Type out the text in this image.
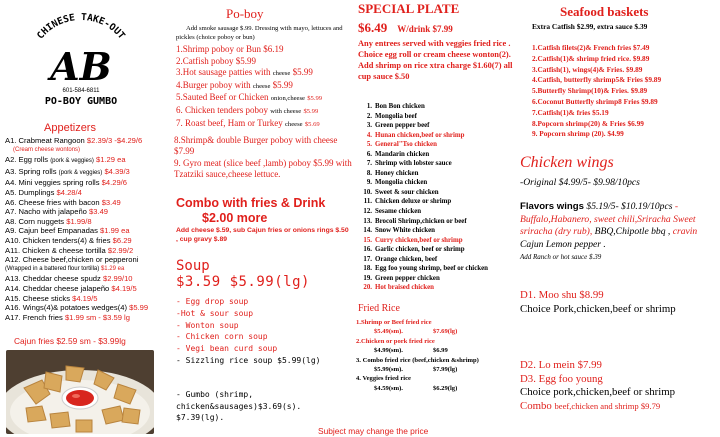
CHINESE TAKE-OUT
AB
601-584-6811
PO-BOY GUMBO
Appetizers
A1. Crabmeat Rangoon $2.39/3 -$4.29/6
(Cream cheese wontons)
A2. Egg rolls (pork & veggies) $1.29 ea
A3. Spring rolls (pork & veggies) $4.39/3
A4. Mini veggies spring rolls $4.29/6
A5. Dumplings $4.28/4
A6. Cheese fries with bacon $3.49
A7. Nacho with jalapeño $3.49
A8. Corn nuggets $1.99/8
A9. Cajun beef Empanadas $1.99 ea
A10. Chicken tenders(4) & fries $6.29
A11. Chicken & cheese tortilla $2.99/2
A12. Cheese beef,chicken or pepperoni
(Wrapped in a battered flour tortilla) $1.29 ea
A13. Cheddar cheese spudz $2.99/10
A14. Cheddar cheese jalapeño $4.19/5
A15. Cheese sticks $4.19/5
A16. Wings(4)& potatoes wedges(4) $5.99
A17. French fries $1.99 sm - $3.59 lg
Cajun fries $2.59 sm - $3.99lg
Po-boy
Add smoke sausage $.99. Dressing with mayo, lettuces and pickles (choice poboy or bun)
1.Shrimp poboy or Bun $6.19
2.Catfish poboy $5.99
3.Hot sausage patties with cheese $5.99
4.Burger poboy with cheese $5.99
5.Sauted Beef or Chicken onion,cheese $5.99
6. Chicken tenders poboy with cheese $5.99
7. Roast beef, Ham or Turkey cheese $5.69
8.Shrimp& double Burger poboy with cheese $7.99
9. Gyro meat (slice beef ,lamb) poboy $5.99 with Tzatziki sauce,cheese lettuce.
Combo with fries & Drink
$2.00 more
Add cheese $.59, sub Cajun fries or onions rings $.50 , cup gravy $.89
Soup
$3.59 $5.99(lg)
- Egg drop soup
-Hot & sour soup
- Wonton soup
- Chicken corn soup
- Vegi bean curd soup
- Sizzling rice soup $5.99(lg)
- Gumbo (shrimp, chicken&sausages)$3.69(s). $7.39(lg).
SPECIAL PLATE
$6.49 W/drink $7.99
Any entrees served with veggies fried rice . Choice egg roll or cream cheese wonton(2). Add shrimp on rice xtra charge $1.60(7) all cup sauce $.50
1. Bon Bon chicken
2. Mongolia beef
3. Green pepper beef
4. Hunan chicken,beef or shrimp
5. General"Tso chicken
6. Mandarin chicken
7. Shrimp with lobster sauce
8. Honey chicken
9. Mongolia chicken
10. Sweet & sour chicken
11. Chicken deluxe or shrimp
12. Sesame chicken
13. Brocoli Shrimp,chicken or beef
14. Snow White chicken
15. Curry chicken,beef or shrimp
16. Garlic chicken, beef or shrimp
17. Orange chicken, beef
18. Egg foo young shrimp, beef or chicken
19. Green pepper chicken
20. Hot braised chicken
Fried Rice
1.Shrimp or Beef fried rice
$5.49(sm).	$7.69(lg)
2.Chicken or pork fried rice
$4.99(sm).	$6.99
3. Combo fried rice (beef,chicken &shrimp)
$5.99(sm).	$7.99(lg)
4. Veggies fried rice
$4.59(sm).	$6.29(lg)
Subject may change the price
Seafood baskets
Extra Catfish $2.99, extra sauce $.39
1.Catfish filets(2)& French fries $7.49
2.Catfish(1)& shrimp fried rice. $9.89
3.Catfish(1), wings(4)& Fries. $9.89
4.Catfish, butterfly shrimp5& Fries $9.89
5.Butterfly Shrimp(10)& Fries. $9.89
6.Coconut Butterfly shrimp8 Fries $9.89
7.Catfish(1)& fries $5.19
8.Popcorn shrimp(20) & Fries $6.99
9. Popcorn shrimp (20). $4.99
Chicken wings
-Original $4.99/5- $9.98/10pcs
Flavors wings $5.19/5- $10.19/10pcs -Buffalo,Habanero, sweet chili,Sriracha Sweet sriracha (dry rub), BBQ,Chipotle bbq , cravin Cajun Lemon pepper .
Add Ranch or hot sauce $.39
D1. Moo shu $8.99
Choice Pork,chicken,beef or shrimp
D2. Lo mein $7.99
D3. Egg foo young
Choice pork,chicken,beef or shrimp
Combo beef,chicken and shrimp $9.79
